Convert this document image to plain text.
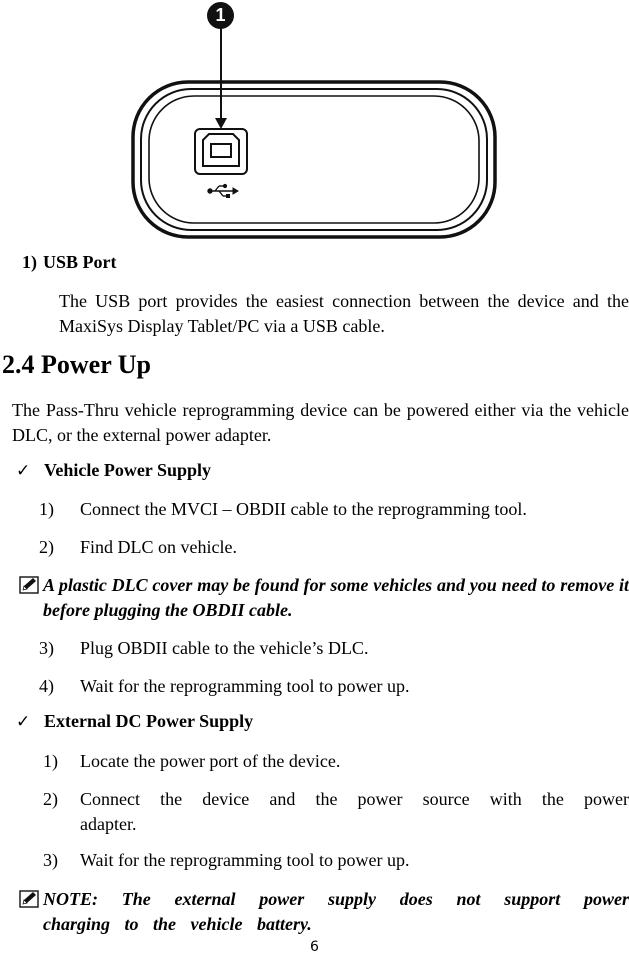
1
1) USB Port
The USB port provides the easiest connection between the device and the MaxiSys Display Tablet/PC via a USB cable.
2.4 Power Up
The Pass-Thru vehicle reprogramming device can be powered either via the vehicle DLC, or the external power adapter.
✓ Vehicle Power Supply
1) Connect the MVCI – OBDII cable to the reprogramming tool.
2) Find DLC on vehicle.
A plastic DLC cover may be found for some vehicles and you need to remove it before plugging the OBDII cable.
3) Plug OBDII cable to the vehicle’s DLC.
4) Wait for the reprogramming tool to power up.
✓ External DC Power Supply
1) Locate the power port of the device.
2)	Connect the device and the power source with the power adapter.
3) Wait for the reprogramming tool to power up.
NOTE: The external power supply does not support power charging to the vehicle battery.
6
